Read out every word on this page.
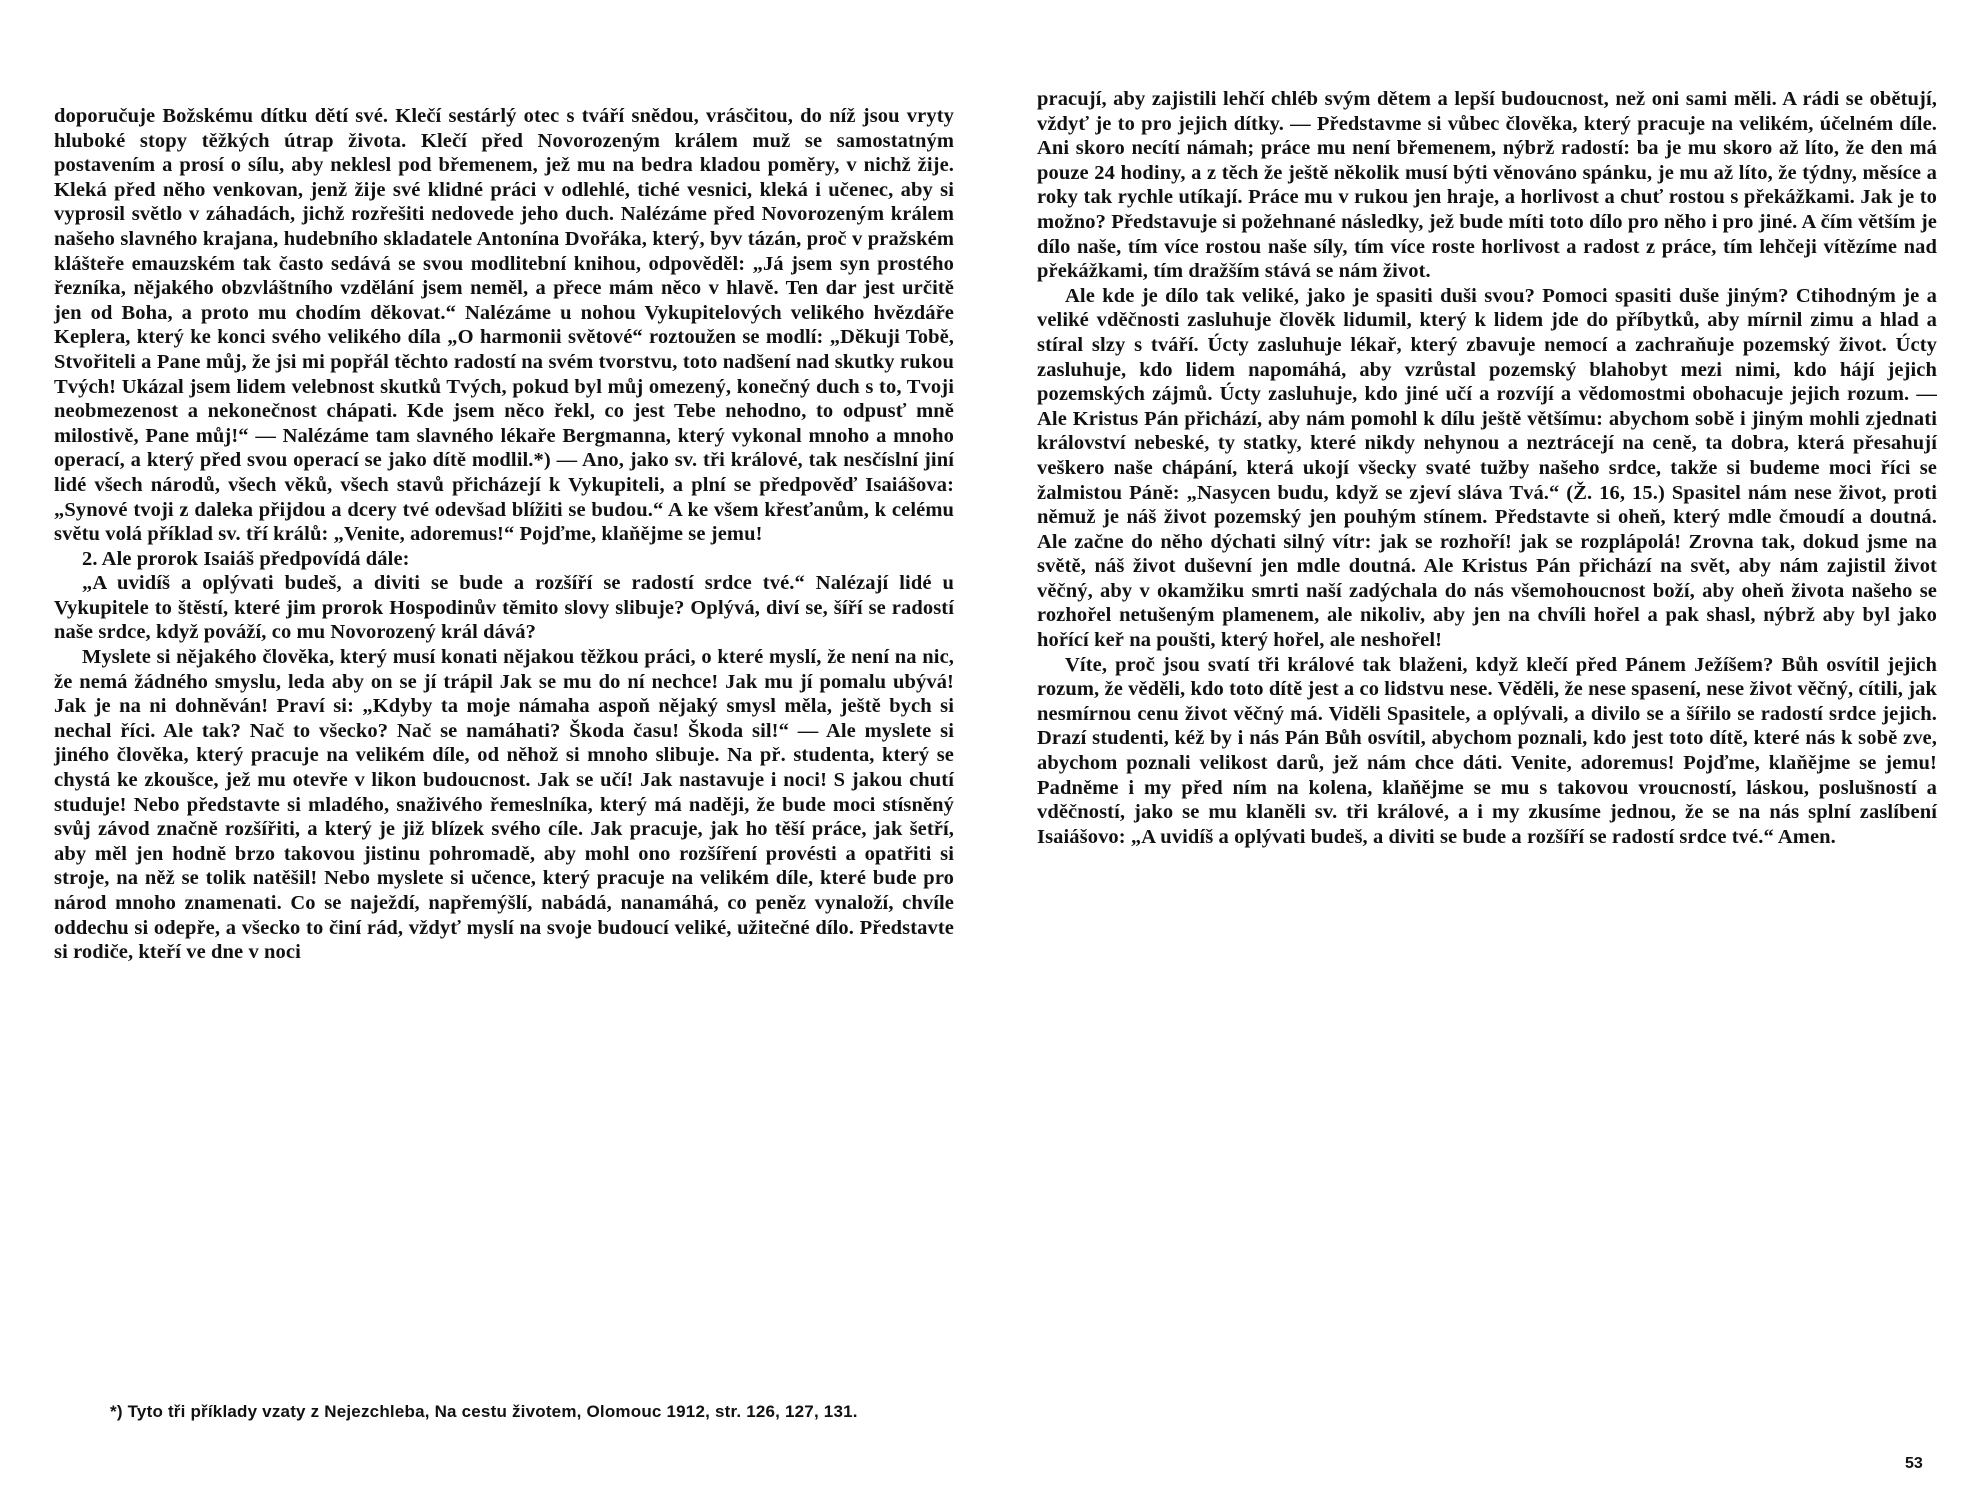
doporučuje Božskému dítku dětí své. Klečí sestárlý otec s tváří snědou, vrásčitou, do níž jsou vryty hluboké stopy těžkých útrap života. Klečí před Novorozeným králem muž se samostatným postavením a prosí o sílu, aby neklesl pod břemenem, jež mu na bedra kladou poměry, v nichž žije. Kleká před něho venkovan, jenž žije své klidné práci v odlehlé, tiché vesnici, kleká i učenec, aby si vyprosil světlo v záhadách, jichž rozřešiti nedovede jeho duch. Nalézáme před Novorozeným králem našeho slavného krajana, hudebního skladatele Antonína Dvořáka, který, byv tázán, proč v pražském klášteře emauzském tak často sedává se svou modlitební knihou, odpověděl: „Já jsem syn prostého řezníka, nějakého obzvláštního vzdělání jsem neměl, a přece mám něco v hlavě. Ten dar jest určitě jen od Boha, a proto mu chodím děkovat.“ Nalézáme u nohou Vykupitelových velikého hvězdáře Keplera, který ke konci svého velikého díla „O harmonii světové“ roztoužen se modlí: „Děkuji Tobě, Stvořiteli a Pane můj, že jsi mi popřál těchto radostí na svém tvorstvu, toto nadšení nad skutky rukou Tvých! Ukázal jsem lidem velebnost skutků Tvých, pokud byl můj omezený, konečný duch s to, Tvoji neobmezenost a nekonečnost chápati. Kde jsem něco řekl, co jest Tebe nehodno, to odpusť mně milostivě, Pane můj!“ — Nalézáme tam slavného lékaře Bergmanna, který vykonal mnoho a mnoho operací, a který před svou operací se jako dítě modlil.*) — Ano, jako sv. tři králové, tak nesčíslní jiní lidé všech národů, všech věků, všech stavů přicházejí k Vykupiteli, a plní se předpověď Isaiášova: „Synové tvoji z daleka přijdou a dcery tvé odevšad blížiti se budou.“ A ke všem křesťanům, k celému světu volá příklad sv. tří králů: „Venite, adoremus!“ Pojďme, klaňějme se jemu!

2. Ale prorok Isaiáš předpovídá dále:

„A uvidíš a oplývati budeš, a diviti se bude a rozšíří se radostí srdce tvé.“ Nalézají lidé u Vykupitele to štěstí, které jim prorok Hospodinův těmito slovy slibuje? Oplývá, diví se, šíří se radostí naše srdce, když pováží, co mu Novorozený král dává?

Myslete si nějakého člověka, který musí konati nějakou těžkou práci, o které myslí, že není na nic, že nemá žádného smyslu, leda aby on se jí trápil Jak se mu do ní nechce! Jak mu jí pomalu ubývá! Jak je na ni dohněván! Praví si: „Kdyby ta moje námaha aspoň nějaký smysl měla, ještě bych si nechal říci. Ale tak? Nač to všecko? Nač se namáhati? Škoda času! Škoda sil!“ — Ale myslete si jiného člověka, který pracuje na velikém díle, od něhož si mnoho slibuje. Na př. studenta, který se chystá ke zkoušce, jež mu otevře v likon budoucnost. Jak se učí! Jak nastavuje i noci! S jakou chutí studuje! Nebo představte si mladého, snaživého řemeslníka, který má naději, že bude moci stísněný svůj závod značně rozšířiti, a který je již blízek svého cíle. Jak pracuje, jak ho těší práce, jak šetří, aby měl jen hodně brzo takovou jistinu pohromadě, aby mohl ono rozšíření provésti a opatřiti si stroje, na něž se tolik natěšil! Nebo myslete si učence, který pracuje na velikém díle, které bude pro národ mnoho znamenati. Co se naježdí, napřemýšlí, nabádá, nanamáhá, co peněz vynaloží, chvíle oddechu si odepře, a všecko to činí rád, vždyť myslí na svoje budoucí veliké, užitečné dílo. Představte si rodiče, kteří ve dne v noci

*) Tyto tři příklady vzaty z Nejezchleba, Na cestu životem, Olomouc 1912, str. 126, 127, 131.

pracují, aby zajistili lehčí chléb svým dětem a lepší budoucnost, než oni sami měli. A rádi se obětují, vždyť je to pro jejich dítky. — Představme si vůbec člověka, který pracuje na velikém, účelném díle. Ani skoro necítí námah; práce mu není břemenem, nýbrž radostí: ba je mu skoro až líto, že den má pouze 24 hodiny, a z těch že ještě několik musí býti věnováno spánku, je mu až líto, že týdny, měsíce a roky tak rychle utíkají. Práce mu v rukou jen hraje, a horlivost a chuť rostou s překážkami. Jak je to možno? Představuje si požehnané následky, jež bude míti toto dílo pro něho i pro jiné. A čím větším je dílo naše, tím více rostou naše síly, tím více roste horlivost a radost z práce, tím lehčeji vítězíme nad překážkami, tím dražším stává se nám život.

Ale kde je dílo tak veliké, jako je spasiti duši svou? Pomoci spasiti duše jiným? Ctihodným je a veliké vděčnosti zasluhuje člověk lidumil, který k lidem jde do příbytků, aby mírnil zimu a hlad a stíral slzy s tváří. Úcty zasluhuje lékař, který zbavuje nemocí a zachraňuje pozemský život. Úcty zasluhuje, kdo lidem napomáhá, aby vzrůstal pozemský blahobyt mezi nimi, kdo hájí jejich pozemských zájmů. Úcty zasluhuje, kdo jiné učí a rozvíjí a vědomostmi obohacuje jejich rozum. — Ale Kristus Pán přichází, aby nám pomohl k dílu ještě většímu: abychom sobě i jiným mohli zjednati království nebeské, ty statky, které nikdy nehynou a neztrácejí na ceně, ta dobra, která přesahují veškero naše chápání, která ukojí všecky svaté tužby našeho srdce, takže si budeme moci říci se žalmistou Páně: „Nasycen budu, když se zjeví sláva Tvá.“ (Ž. 16, 15.) Spasitel nám nese život, proti němuž je náš život pozemský jen pouhým stínem. Představte si oheň, který mdle čmoudí a doutná. Ale začne do něho dýchati silný vítr: jak se rozhoří! jak se rozplápolá! Zrovna tak, dokud jsme na světě, náš život duševní jen mdle doutná. Ale Kristus Pán přichází na svět, aby nám zajistil život věčný, aby v okamžiku smrti naší zadýchala do nás všemohoucnost boží, aby oheň života našeho se rozhořel netušeným plamenem, ale nikoliv, aby jen na chvíli hořel a pak shasl, nýbrž aby byl jako hořící keř na poušti, který hořel, ale neshořel!

Víte, proč jsou svatí tři králové tak blaženi, když klečí před Pánem Ježíšem? Bůh osvítil jejich rozum, že věděli, kdo toto dítě jest a co lidstvu nese. Věděli, že nese spasení, nese život věčný, cítili, jak nesmírnou cenu život věčný má. Viděli Spasitele, a oplývali, a divilo se a šířilo se radostí srdce jejich. Drazí studenti, kéž by i nás Pán Bůh osvítil, abychom poznali, kdo jest toto dítě, které nás k sobě zve, abychom poznali velikost darů, jež nám chce dáti. Venite, adoremus! Pojďme, klaňějme se jemu! Padněme i my před ním na kolena, klaňějme se mu s takovou vroucností, láskou, poslušností a vděčností, jako se mu klaněli sv. tři králové, a i my zkusíme jednou, že se na nás splní zaslíbení Isaiášovo: „A uvidíš a oplývati budeš, a diviti se bude a rozšíří se radostí srdce tvé.“ Amen.

53
